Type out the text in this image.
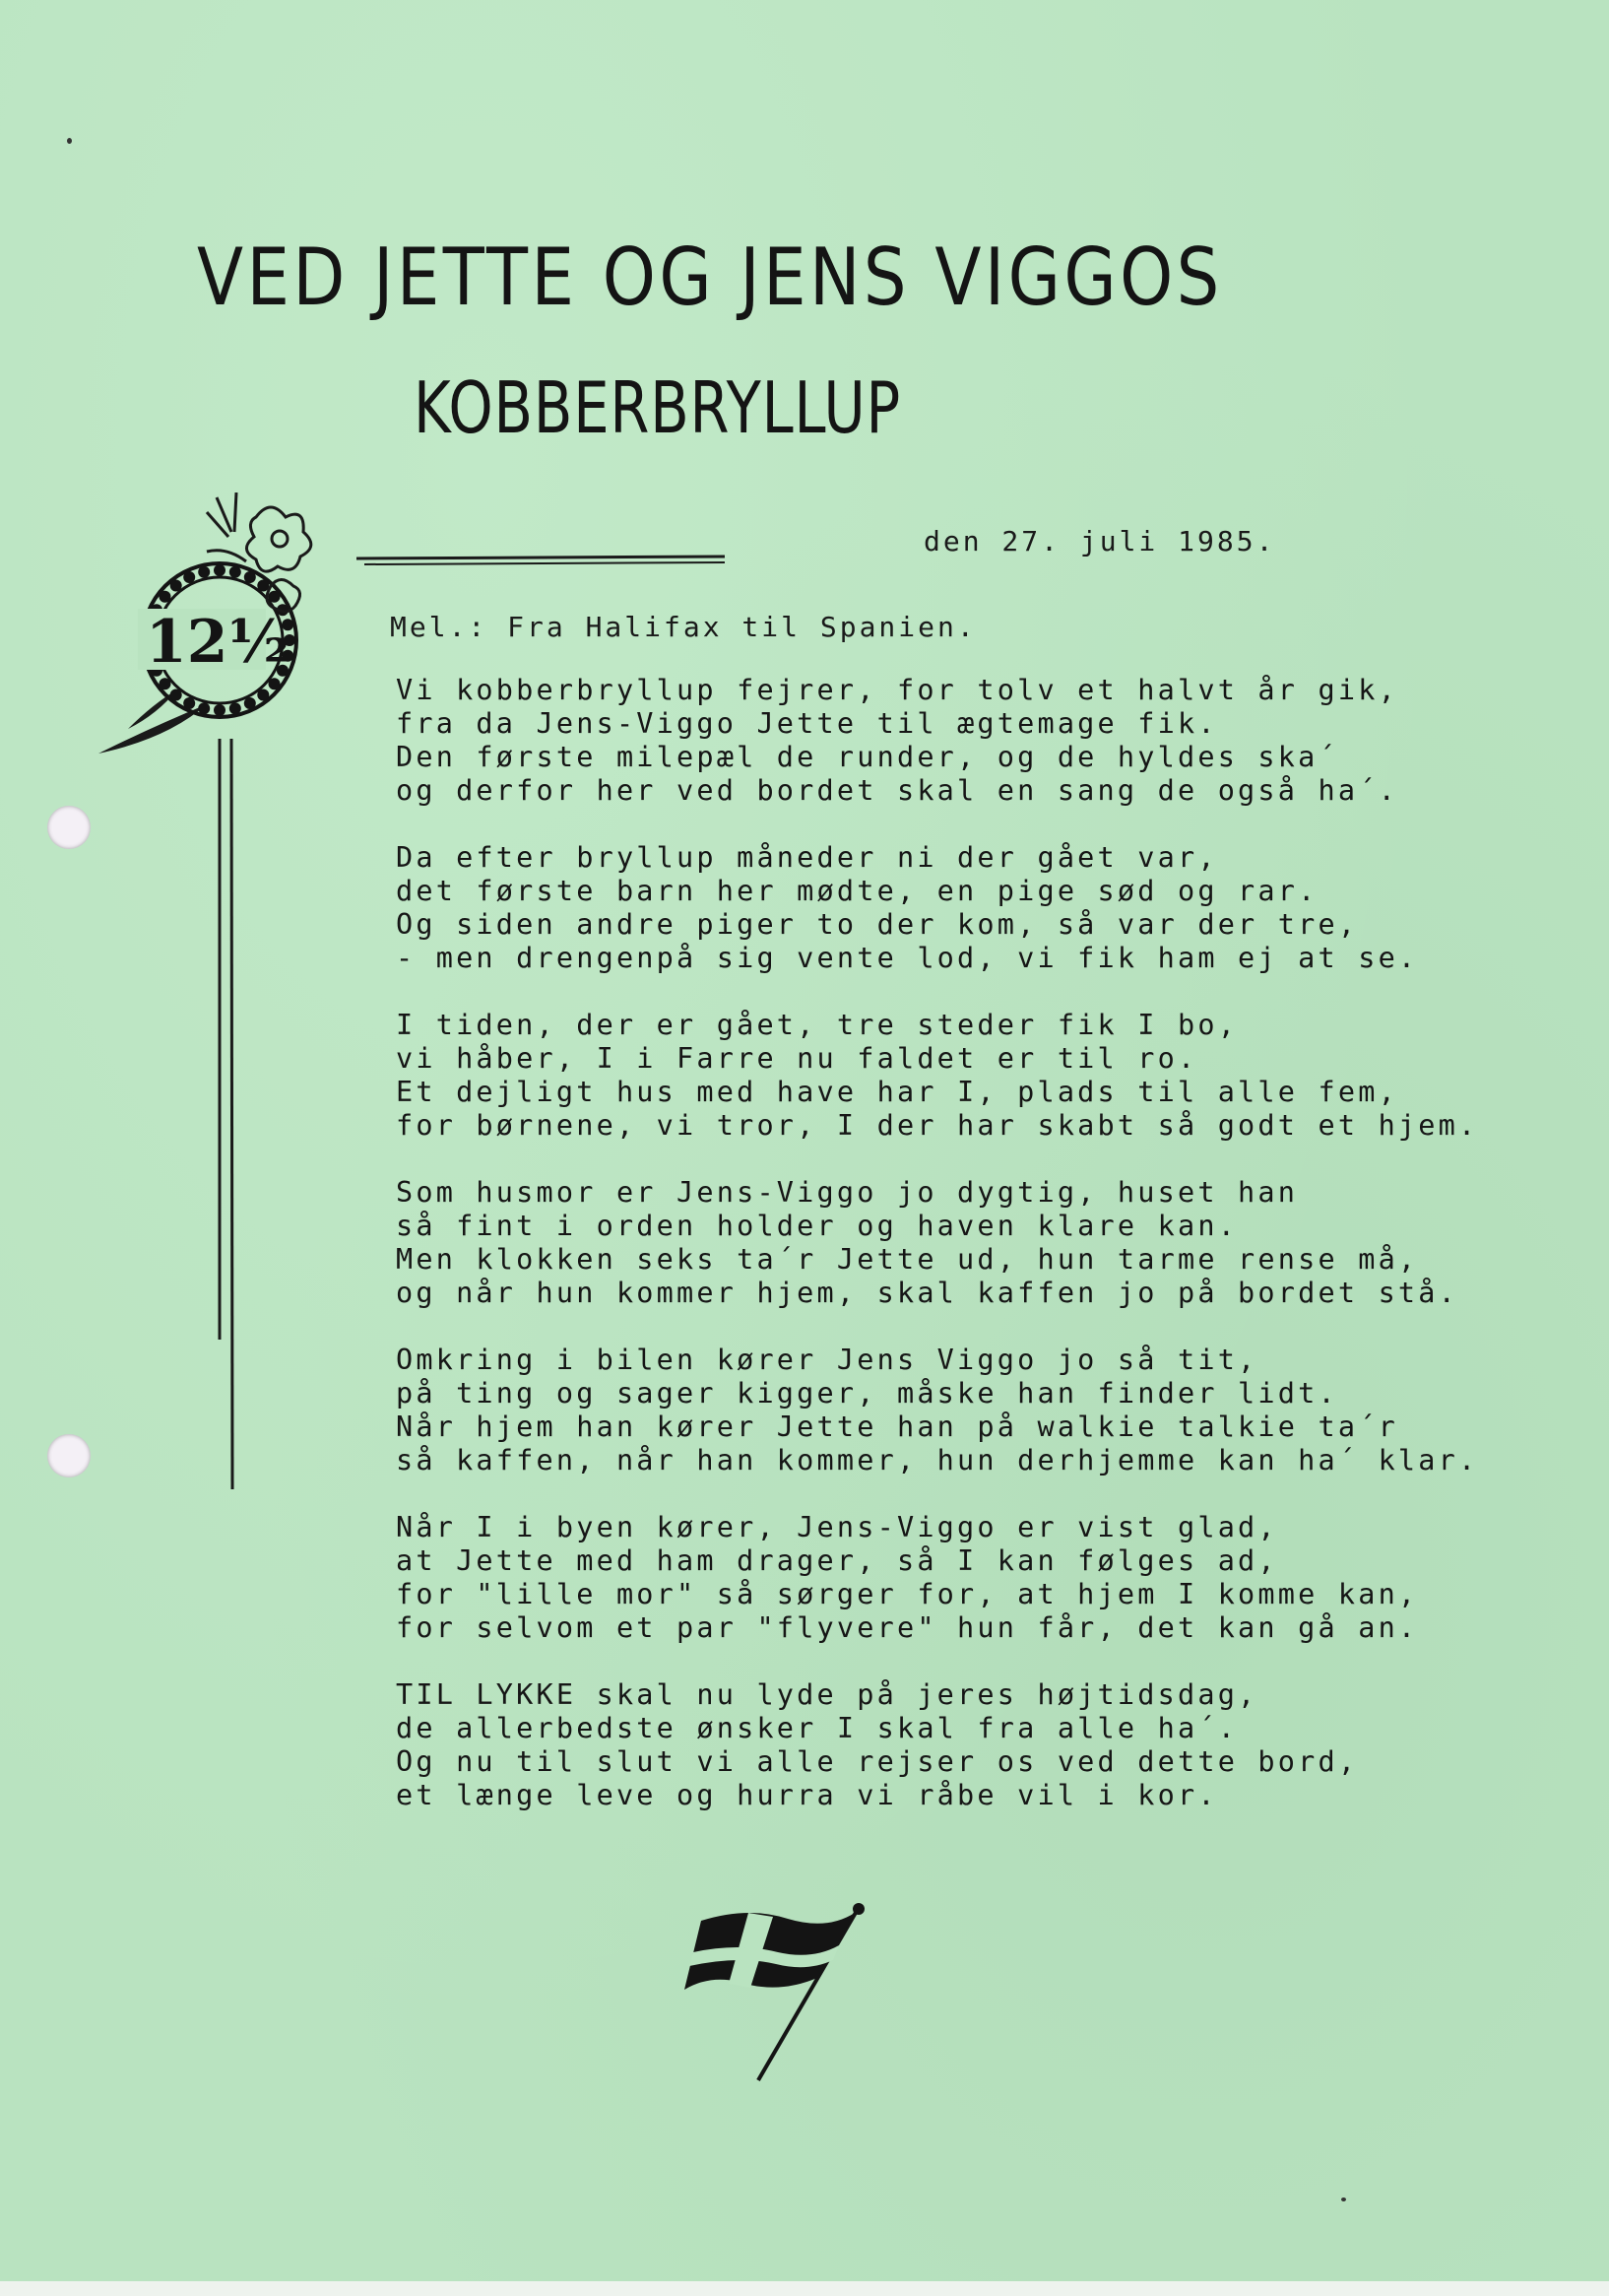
VED JETTE OG JENS VIGGOS
KOBBERBRYLLUP
12½
den 27. juli 1985.
Mel.: Fra Halifax til Spanien.
Vi kobberbryllup fejrer, for tolv et halvt år gik,
fra da Jens-Viggo Jette til ægtemage fik.
Den første milepæl de runder, og de hyldes ska´
og derfor her ved bordet skal en sang de også ha´.
Da efter bryllup måneder ni der gået var,
det første barn her mødte, en pige sød og rar.
Og siden andre piger to der kom, så var der tre,
- men drengenpå sig vente lod, vi fik ham ej at se.
I tiden, der er gået, tre steder fik I bo,
vi håber, I i Farre nu faldet er til ro.
Et dejligt hus med have har I, plads til alle fem,
for børnene, vi tror, I der har skabt så godt et hjem.
Som husmor er Jens-Viggo jo dygtig, huset han
så fint i orden holder og haven klare kan.
Men klokken seks ta´r Jette ud, hun tarme rense må,
og når hun kommer hjem, skal kaffen jo på bordet stå.
Omkring i bilen kører Jens Viggo jo så tit,
på ting og sager kigger, måske han finder lidt.
Når hjem han kører Jette han på walkie talkie ta´r
så kaffen, når han kommer, hun derhjemme kan ha´ klar.
Når I i byen kører, Jens-Viggo er vist glad,
at Jette med ham drager, så I kan følges ad,
for "lille mor" så sørger for, at hjem I komme kan,
for selvom et par "flyvere" hun får, det kan gå an.
TIL LYKKE skal nu lyde på jeres højtidsdag,
de allerbedste ønsker I skal fra alle ha´.
Og nu til slut vi alle rejser os ved dette bord,
et længe leve og hurra vi råbe vil i kor.
